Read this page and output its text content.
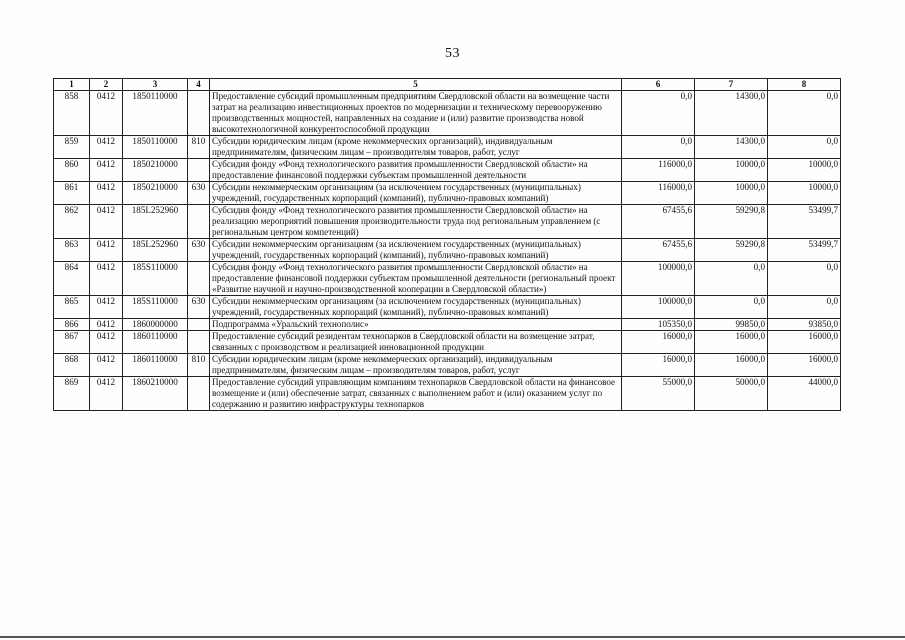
53
1	2	3	4	5	6	7	8
858	0412	1850110000		Предоставление субсидий промышленным предприятиям Свердловской области на возмещение части затрат на реализацию инвестиционных проектов по модернизации и техническому перевооружению производственных мощностей, направленных на создание и (или) развитие производства новой высокотехнологичной конкурентоспособной продукции	0,0	14300,0	0,0
859	0412	1850110000	810	Субсидии юридическим лицам (кроме некоммерческих организаций), индивидуальным предпринимателям, физическим лицам – производителям товаров, работ, услуг	0,0	14300,0	0,0
860	0412	1850210000		Субсидия фонду «Фонд технологического развития промышленности Свердловской области» на предоставление финансовой поддержки субъектам промышленной деятельности	116000,0	10000,0	10000,0
861	0412	1850210000	630	Субсидии некоммерческим организациям (за исключением государственных (муниципальных) учреждений, государственных корпораций (компаний), публично-правовых компаний)	116000,0	10000,0	10000,0
862	0412	185L252960		Субсидия фонду «Фонд технологического развития промышленности Свердловской области» на реализацию мероприятий повышения производительности труда под региональным управлением (с региональным центром компетенций)	67455,6	59290,8	53499,7
863	0412	185L252960	630	Субсидии некоммерческим организациям (за исключением государственных (муниципальных) учреждений, государственных корпораций (компаний), публично-правовых компаний)	67455,6	59290,8	53499,7
864	0412	185S110000		Субсидия фонду «Фонд технологического развития промышленности Свердловской области» на предоставление финансовой поддержки субъектам промышленной деятельности (региональный проект «Развитие научной и научно-производственной кооперации в Свердловской области»)	100000,0	0,0	0,0
865	0412	185S110000	630	Субсидии некоммерческим организациям (за исключением государственных (муниципальных) учреждений, государственных корпораций (компаний), публично-правовых компаний)	100000,0	0,0	0,0
866	0412	1860000000		Подпрограмма «Уральский технополис»	105350,0	99850,0	93850,0
867	0412	1860110000		Предоставление субсидий резидентам технопарков в Свердловской области на возмещение затрат, связанных с производством и реализацией инновационной продукции	16000,0	16000,0	16000,0
868	0412	1860110000	810	Субсидии юридическим лицам (кроме некоммерческих организаций), индивидуальным предпринимателям, физическим лицам – производителям товаров, работ, услуг	16000,0	16000,0	16000,0
869	0412	1860210000		Предоставление субсидий управляющим компаниям технопарков Свердловской области на финансовое возмещение и (или) обеспечение затрат, связанных с выполнением работ и (или) оказанием услуг по содержанию и развитию инфраструктуры технопарков	55000,0	50000,0	44000,0
